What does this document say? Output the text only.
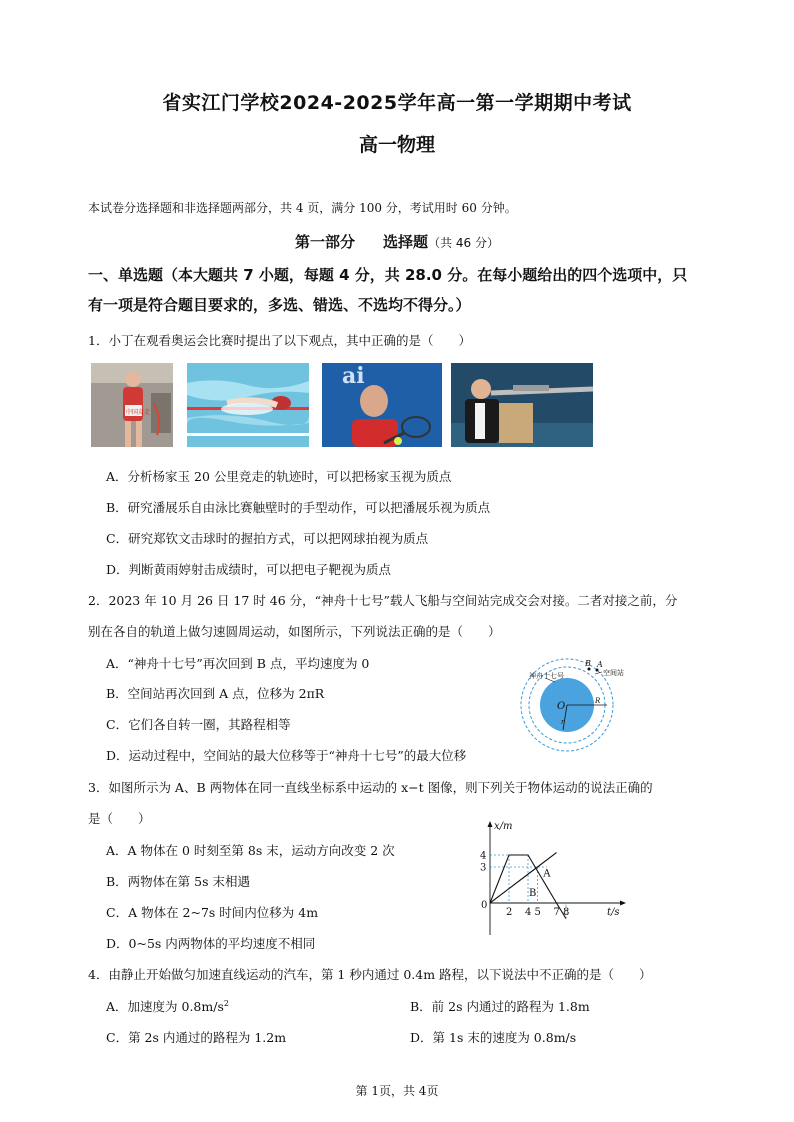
省实江门学校2024-2025学年高一第一学期期中考试
高一物理
本试卷分选择题和非选择题两部分，共 4 页，满分 100 分，考试用时 60 分钟。
第一部分 选择题（共 46 分）
一、单选题（本大题共 7 小题，每题 4 分，共 28.0 分。在每小题给出的四个选项中，只
有一项是符合题目要求的，多选、错选、不选均不得分。）
1．小丁在观看奥运会比赛时提出了以下观点，其中正确的是（　　）
中国竞走
ai
A．分析杨家玉 20 公里竞走的轨迹时，可以把杨家玉视为质点
B．研究潘展乐自由泳比赛触壁时的手型动作，可以把潘展乐视为质点
C．研究郑钦文击球时的握拍方式，可以把网球拍视为质点
D．判断黄雨婷射击成绩时，可以把电子靶视为质点
2．2023 年 10 月 26 日 17 时 46 分，“神舟十七号”载人飞船与空间站完成交会对接。二者对接之前，分
别在各自的轨道上做匀速圆周运动，如图所示，下列说法正确的是（　　）
A．“神舟十七号”再次回到 B 点，平均速度为 0
B．空间站再次回到 A 点，位移为 2πR
C．它们各自转一圈，其路程相等
D．运动过程中，空间站的最大位移等于“神舟十七号”的最大位移
O	R
r
神舟十七号	空间站
B A
3．如图所示为 A、B 两物体在同一直线坐标系中运动的 x−t 图像，则下列关于物体运动的说法正确的
是（　　）
A．A 物体在 0 时刻至第 8s 末，运动方向改变 2 次
B．两物体在第 5s 末相遇
C．A 物体在 2~7s 时间内位移为 4m
D．0~5s 内两物体的平均速度不相同
x/m
t/s
0
3
4
2 4 5 7 8
A
B
4．由静止开始做匀加速直线运动的汽车，第 1 秒内通过 0.4m 路程，以下说法中不正确的是（　　）
A．加速度为 $0.8m/s^2$	B．前 2s 内通过的路程为 1.8m
C．第 2s 内通过的路程为 1.2m	D．第 1s 末的速度为 0.8m/s
第 1页，共 4页
